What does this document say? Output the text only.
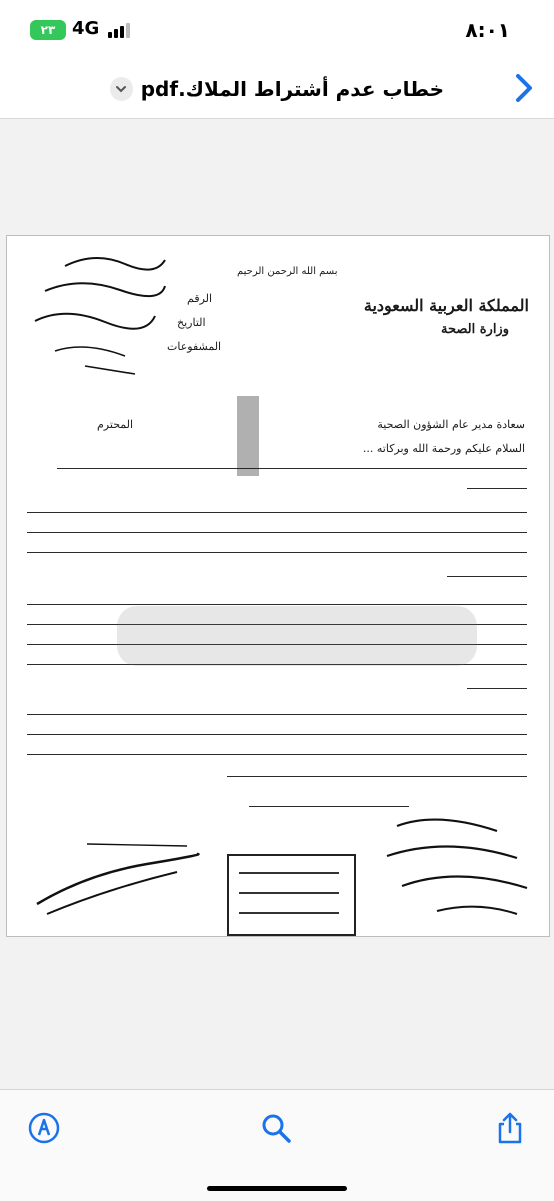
٨:٠١
٢٣ 4G
خطاب عدم أشتراط الملاك.pdf
المملكة العربية السعودية
وزارة الصحة
بسم الله الرحمن الرحيم
الرقم
التاريخ
المشفوعات
سعادة مدير عام الشؤون الصحية
المحترم
السلام عليكم ورحمة الله وبركاته ...
